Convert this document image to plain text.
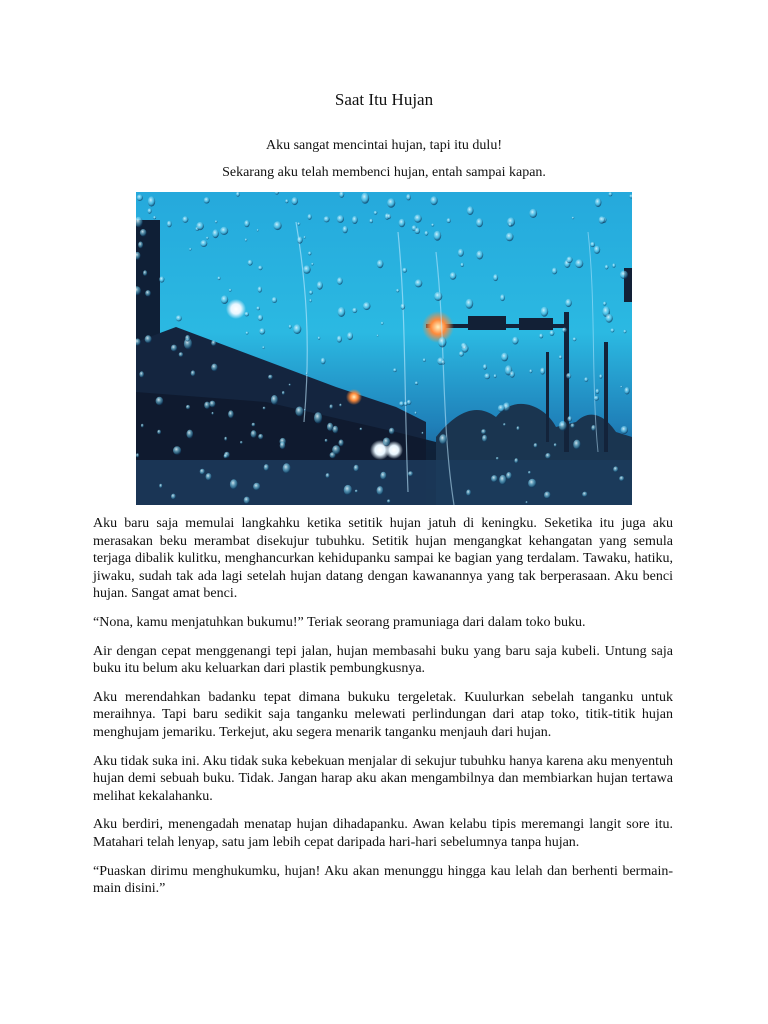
Saat Itu Hujan
Aku sangat mencintai hujan, tapi itu dulu!
Sekarang aku telah membenci hujan, entah sampai kapan.

Aku baru saja memulai langkahku ketika setitik hujan jatuh di keningku. Seketika itu juga aku merasakan beku merambat disekujur tubuhku. Setitik hujan mengangkat kehangatan yang semula terjaga dibalik kulitku, menghancurkan kehidupanku sampai ke bagian yang terdalam. Tawaku, hatiku, jiwaku, sudah tak ada lagi setelah hujan datang dengan kawanannya yang tak berperasaan. Aku benci hujan. Sangat amat benci.

“Nona, kamu menjatuhkan bukumu!” Teriak seorang pramuniaga dari dalam toko buku.

Air dengan cepat menggenangi tepi jalan, hujan membasahi buku yang baru saja kubeli. Untung saja buku itu belum aku keluarkan dari plastik pembungkusnya.

Aku merendahkan badanku tepat dimana bukuku tergeletak. Kuulurkan sebelah tanganku untuk meraihnya. Tapi baru sedikit saja tanganku melewati perlindungan dari atap toko, titik-titik hujan menghujam jemariku. Terkejut, aku segera menarik tanganku menjauh dari hujan.

Aku tidak suka ini. Aku tidak suka kebekuan menjalar di sekujur tubuhku hanya karena aku menyentuh hujan demi sebuah buku. Tidak. Jangan harap aku akan mengambilnya dan membiarkan hujan tertawa melihat kekalahanku.

Aku berdiri, menengadah menatap hujan dihadapanku. Awan kelabu tipis meremangi langit sore itu. Matahari telah lenyap, satu jam lebih cepat daripada hari-hari sebelumnya tanpa hujan.

“Puaskan dirimu menghukumku, hujan! Aku akan menunggu hingga kau lelah dan berhenti bermain-main disini.”
